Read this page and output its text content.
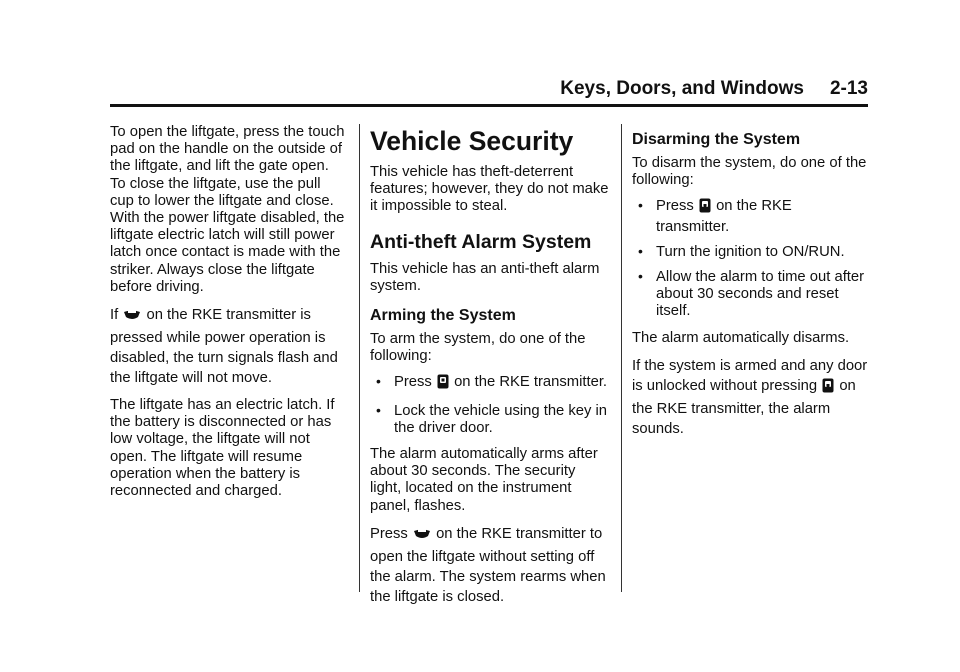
Keys, Doors, and Windows 2-13

To open the liftgate, press the touch pad on the handle on the outside of the liftgate, and lift the gate open. To close the liftgate, use the pull cup to lower the liftgate and close. With the power liftgate disabled, the liftgate electric latch will still power latch once contact is made with the striker. Always close the liftgate before driving.

If on the RKE transmitter is pressed while power operation is disabled, the turn signals flash and the liftgate will not move.

The liftgate has an electric latch. If the battery is disconnected or has low voltage, the liftgate will not open. The liftgate will resume operation when the battery is reconnected and charged.

Vehicle Security

This vehicle has theft-deterrent features; however, they do not make it impossible to steal.

Anti-theft Alarm System

This vehicle has an anti-theft alarm system.

Arming the System

To arm the system, do one of the following:

• Press on the RKE transmitter.
• Lock the vehicle using the key in the driver door.

The alarm automatically arms after about 30 seconds. The security light, located on the instrument panel, flashes.

Press on the RKE transmitter to open the liftgate without setting off the alarm. The system rearms when the liftgate is closed.

Disarming the System

To disarm the system, do one of the following:

• Press on the RKE transmitter.
• Turn the ignition to ON/RUN.
• Allow the alarm to time out after about 30 seconds and reset itself.

The alarm automatically disarms.

If the system is armed and any door is unlocked without pressing on the RKE transmitter, the alarm sounds.
